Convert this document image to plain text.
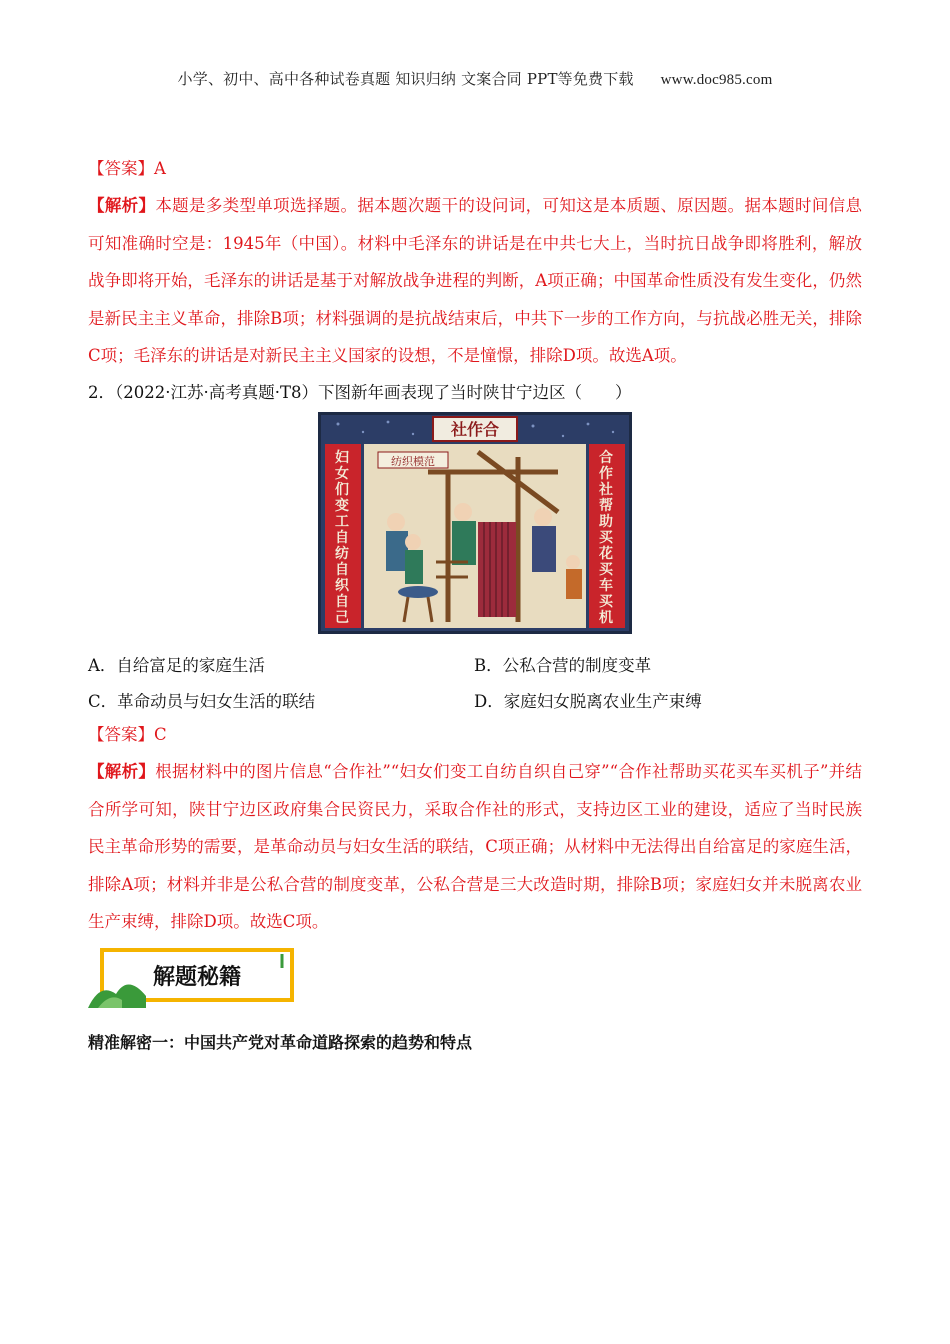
小学、初中、高中各种试卷真题 知识归纳 文案合同 PPT等免费下载 www.doc985.com
【答案】A
【解析】本题是多类型单项选择题。据本题次题干的设问词，可知这是本质题、原因题。据本题时间信息可知准确时空是：1945年（中国）。材料中毛泽东的讲话是在中共七大上，当时抗日战争即将胜利，解放战争即将开始，毛泽东的讲话是基于对解放战争进程的判断，A项正确；中国革命性质没有发生变化，仍然是新民主主义革命，排除B项；材料强调的是抗战结束后，中共下一步的工作方向，与抗战必胜无关，排除C项；毛泽东的讲话是对新民主主义国家的设想，不是憧憬，排除D项。故选A项。
2．（2022·江苏·高考真题·T8）下图新年画表现了当时陕甘宁边区（　　）
社作合
妇女们变工自纺自织自己
合作社帮助买花买车买机
纺织模范
A．自给富足的家庭生活	B．公私合营的制度变革
C．革命动员与妇女生活的联结	D．家庭妇女脱离农业生产束缚
【答案】C
【解析】根据材料中的图片信息“合作社”“妇女们变工自纺自织自己穿”“合作社帮助买花买车买机子”并结合所学可知，陕甘宁边区政府集合民资民力，采取合作社的形式，支持边区工业的建设，适应了当时民族民主革命形势的需要，是革命动员与妇女生活的联结，C项正确；从材料中无法得出自给富足的家庭生活，排除A项；材料并非是公私合营的制度变革，公私合营是三大改造时期，排除B项；家庭妇女并未脱离农业生产束缚，排除D项。故选C项。
解题秘籍
精准解密一：中国共产党对革命道路探索的趋势和特点
